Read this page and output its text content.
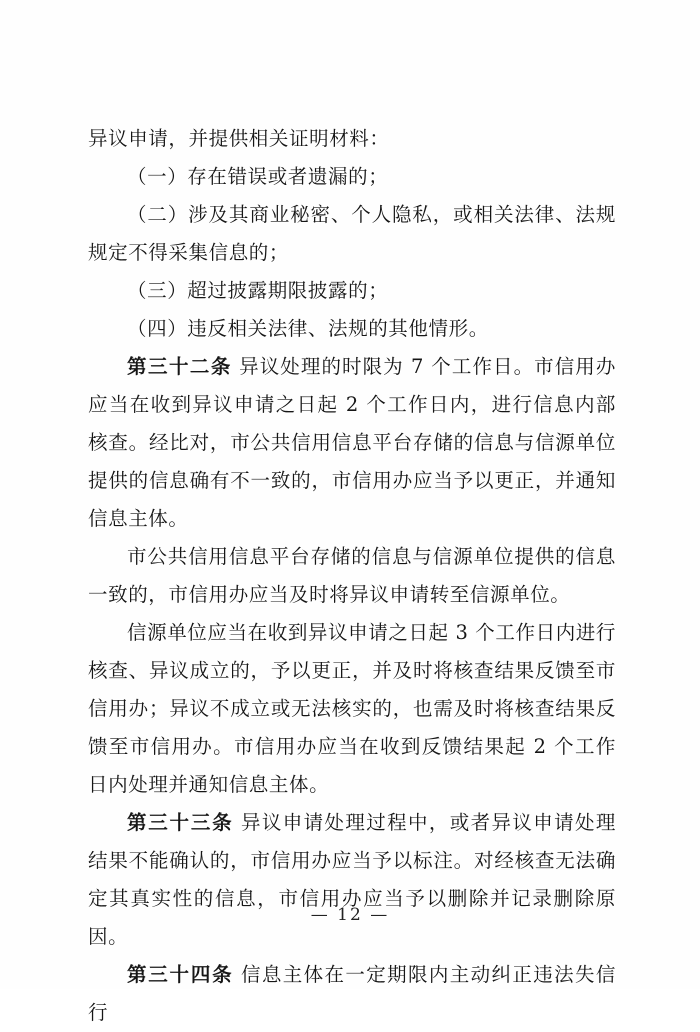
异议申请，并提供相关证明材料：

（一）存在错误或者遗漏的；

（二）涉及其商业秘密、个人隐私，或相关法律、法规规定不得采集信息的；

（三）超过披露期限披露的；

（四）违反相关法律、法规的其他情形。

第三十二条 异议处理的时限为 7 个工作日。市信用办应当在收到异议申请之日起 2 个工作日内，进行信息内部核查。经比对，市公共信用信息平台存储的信息与信源单位提供的信息确有不一致的，市信用办应当予以更正，并通知信息主体。

市公共信用信息平台存储的信息与信源单位提供的信息一致的，市信用办应当及时将异议申请转至信源单位。

信源单位应当在收到异议申请之日起 3 个工作日内进行核查、异议成立的，予以更正，并及时将核查结果反馈至市信用办；异议不成立或无法核实的，也需及时将核查结果反馈至市信用办。市信用办应当在收到反馈结果起 2 个工作日内处理并通知信息主体。

第三十三条 异议申请处理过程中，或者异议申请处理结果不能确认的，市信用办应当予以标注。对经核查无法确定其真实性的信息，市信用办应当予以删除并记录删除原因。

第三十四条 信息主体在一定期限内主动纠正违法失信行

— 12 —
